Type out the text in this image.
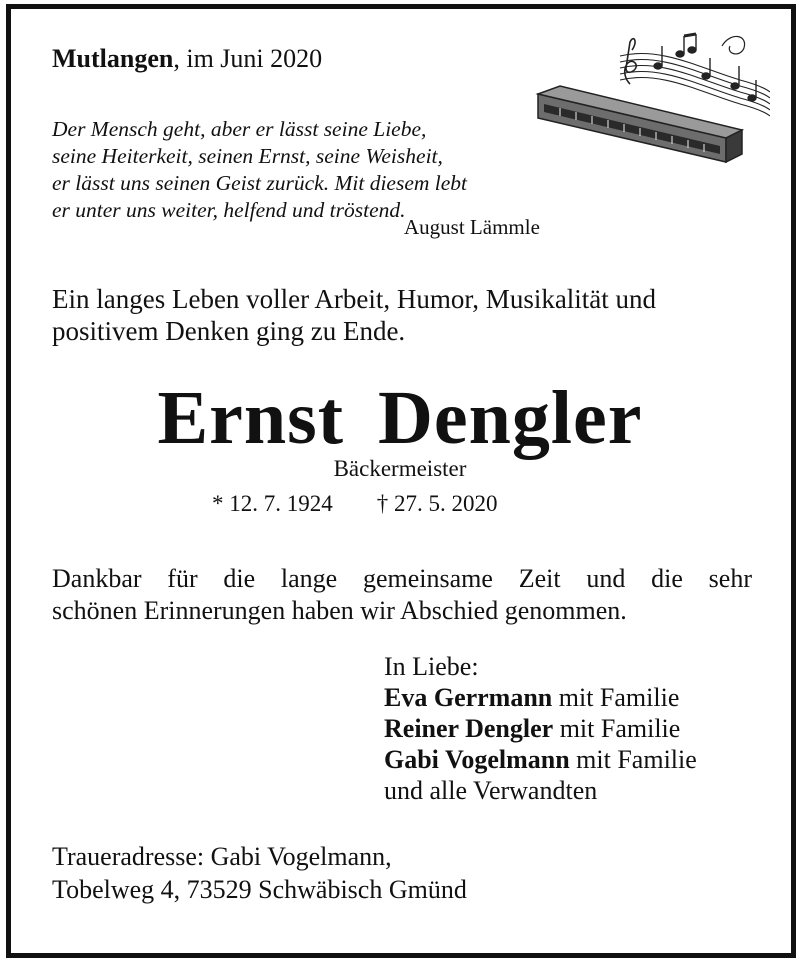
Mutlangen, im Juni 2020
Der Mensch geht, aber er lässt seine Liebe,
seine Heiterkeit, seinen Ernst, seine Weisheit,
er lässt uns seinen Geist zurück. Mit diesem lebt
er unter uns weiter, helfend und tröstend.
August Lämmle
Ein langes Leben voller Arbeit, Humor, Musikalität und
positivem Denken ging zu Ende.
Ernst Dengler
Bäckermeister
* 12. 7. 1924 † 27. 5. 2020
Dankbar für die lange gemeinsame Zeit und die sehr
schönen Erinnerungen haben wir Abschied genommen.
In Liebe:
Eva Gerrmann mit Familie
Reiner Dengler mit Familie
Gabi Vogelmann mit Familie
und alle Verwandten
Traueradresse: Gabi Vogelmann,
Tobelweg 4, 73529 Schwäbisch Gmünd
